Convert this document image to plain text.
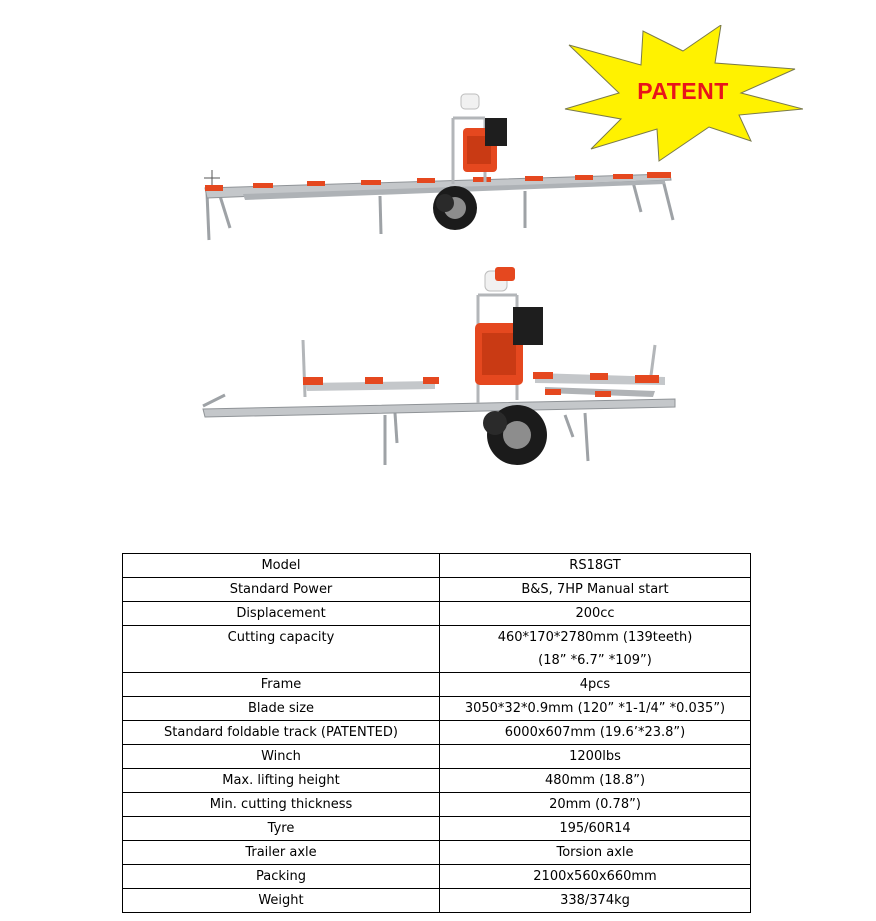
PATENT
Model	RS18GT
Standard Power	B&S, 7HP Manual start
Displacement	200cc
Cutting capacity	460*170*2780mm (139teeth)
(18” *6.7” *109”)

Frame	4pcs
Blade size	3050*32*0.9mm (120” *1-1/4” *0.035”)
Standard foldable track (PATENTED)	6000x607mm (19.6’*23.8”)
Winch	1200lbs
Max. lifting height	480mm (18.8”)
Min. cutting thickness	20mm (0.78”)
Tyre	195/60R14
Trailer axle	Torsion axle
Packing	2100x560x660mm
Weight	338/374kg
